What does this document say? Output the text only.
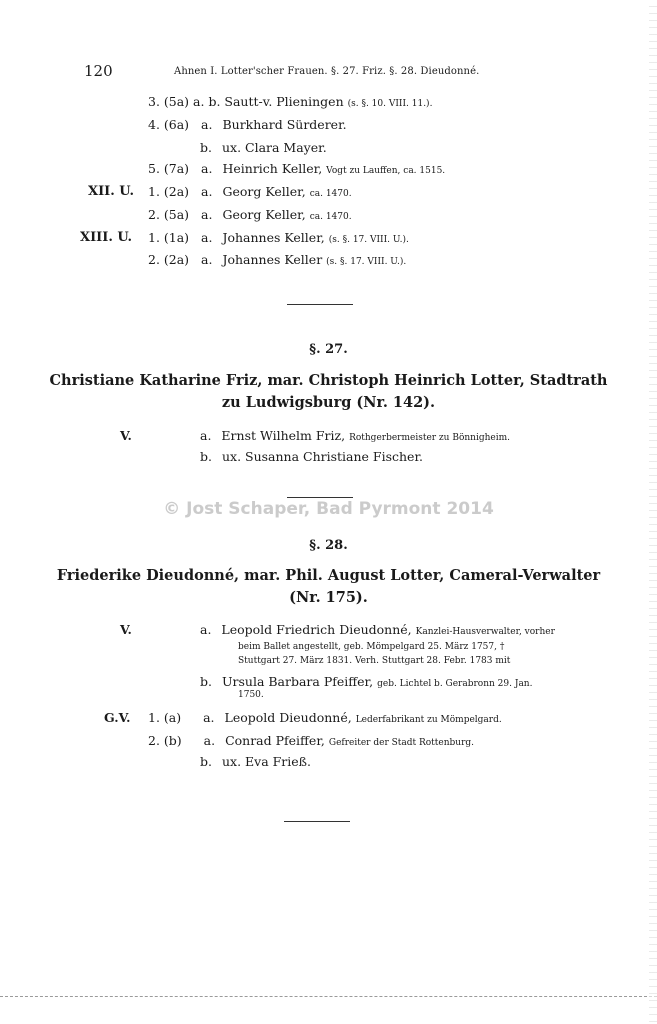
120	Ahnen I. Lotter'scher Frauen. §. 27. Friz. §. 28. Dieudonné.
3. (5a) a. b. Sautt-v. Plieningen (s. §. 10. VIII. 11.).
4. (6a) a. Burkhard Sürderer.
b. ux. Clara Mayer.
5. (7a) a. Heinrich Keller, Vogt zu Lauffen, ca. 1515.
XII. U. 1. (2a) a. Georg Keller, ca. 1470.
2. (5a) a. Georg Keller, ca. 1470.
XIII. U. 1. (1a) a. Johannes Keller, (s. §. 17. VIII. U.).
2. (2a) a. Johannes Keller (s. §. 17. VIII. U.).
§. 27.
Christiane Katharine Friz, mar. Christoph Heinrich Lotter, Stadtrath
zu Ludwigsburg (Nr. 142).
V.	a. Ernst Wilhelm Friz, Rothgerbermeister zu Bönnigheim.
b. ux. Susanna Christiane Fischer.
© Jost Schaper, Bad Pyrmont 2014
§. 28.
Friederike Dieudonné, mar. Phil. August Lotter, Cameral-Verwalter
(Nr. 175).
V.	a. Leopold Friedrich Dieudonné, Kanzlei-Hausverwalter, vorher
beim Ballet angestellt, geb. Mömpelgard 25. März 1757, †
Stuttgart 27. März 1831. Verh. Stuttgart 28. Febr. 1783 mit
b. Ursula Barbara Pfeiffer, geb. Lichtel b. Gerabronn 29. Jan.
1750.
G.V. 1. (a) a. Leopold Dieudonné, Lederfabrikant zu Mömpelgard.
2. (b) a. Conrad Pfeiffer, Gefreiter der Stadt Rottenburg.
b. ux. Eva Frieß.
